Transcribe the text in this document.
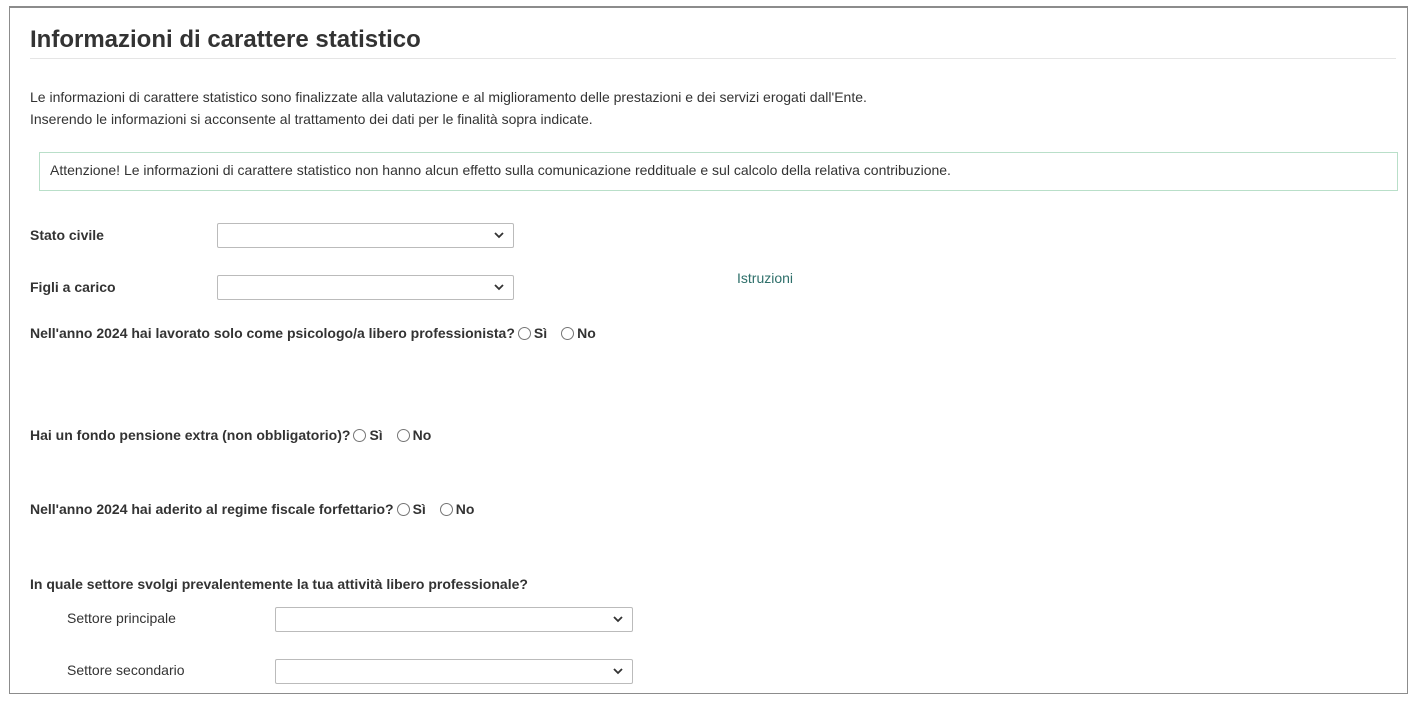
Informazioni di carattere statistico

Le informazioni di carattere statistico sono finalizzate alla valutazione e al miglioramento delle prestazioni e dei servizi erogati dall'Ente.

Inserendo le informazioni si acconsente al trattamento dei dati per le finalità sopra indicate.

Attenzione! Le informazioni di carattere statistico non hanno alcun effetto sulla comunicazione reddituale e sul calcolo della relativa contribuzione.
Stato civile
Figli a carico
Istruzioni
Nell'anno 2024 hai lavorato solo come psicologo/a libero professionista? Sì No
Hai un fondo pensione extra (non obbligatorio)? Sì No
Nell'anno 2024 hai aderito al regime fiscale forfettario? Sì No
In quale settore svolgi prevalentemente la tua attività libero professionale?
Settore principale
Settore secondario
